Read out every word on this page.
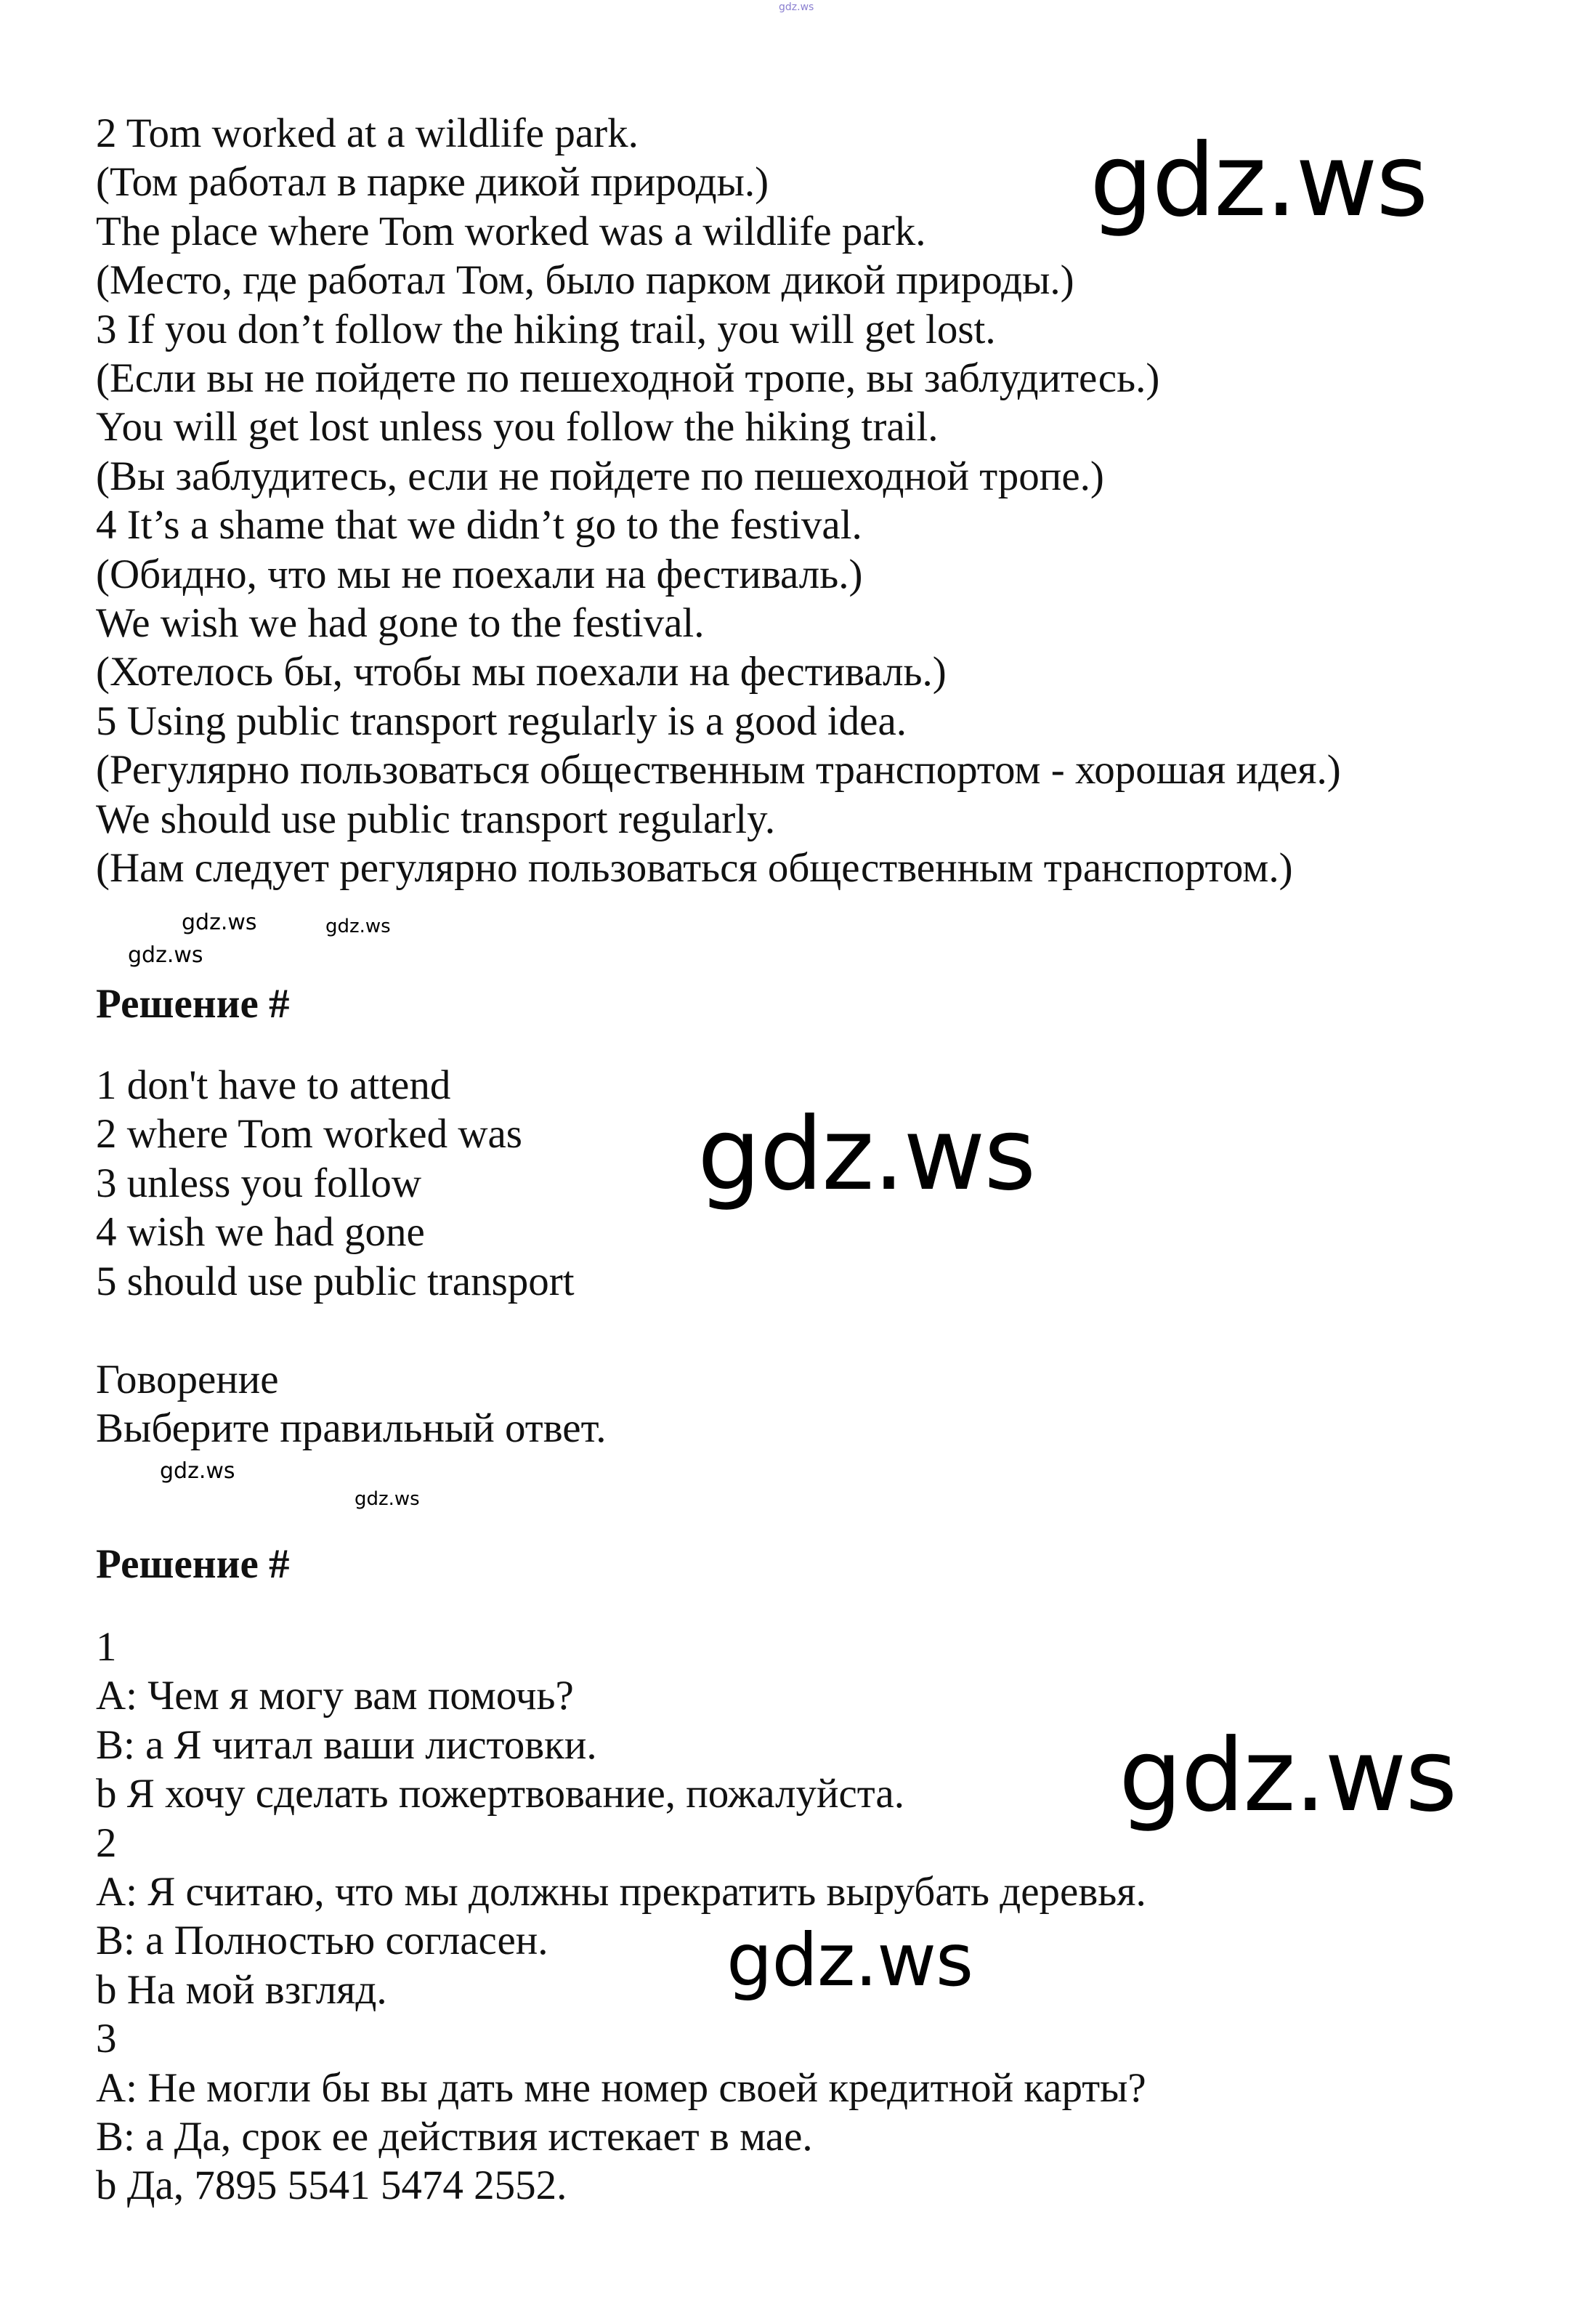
2 Tom worked at a wildlife park.
(Том работал в парке дикой природы.)
The place where Tom worked was a wildlife park.
(Место, где работал Том, было парком дикой природы.)
3 If you don’t follow the hiking trail, you will get lost.
(Если вы не пойдете по пешеходной тропе, вы заблудитесь.)
You will get lost unless you follow the hiking trail.
(Вы заблудитесь, если не пойдете по пешеходной тропе.)
4 It’s a shame that we didn’t go to the festival.
(Обидно, что мы не поехали на фестиваль.)
We wish we had gone to the festival.
(Хотелось бы, чтобы мы поехали на фестиваль.)
5 Using public transport regularly is a good idea.
(Регулярно пользоваться общественным транспортом - хорошая идея.)
We should use public transport regularly.
(Нам следует регулярно пользоваться общественным транспортом.)
Решение #
1 don't have to attend
2 where Tom worked was
3 unless you follow
4 wish we had gone
5 should use public transport
Говорение
Выберите правильный ответ.
Решение #
1
A: Чем я могу вам помочь?
B: a Я читал ваши листовки.
b Я хочу сделать пожертвование, пожалуйста.
2
A: Я считаю, что мы должны прекратить вырубать деревья.
B: a Полностью согласен.
b На мой взгляд.
3
A: Не могли бы вы дать мне номер своей кредитной карты?
B: a Да, срок ее действия истекает в мае.
b Да, 7895 5541 5474 2552.
gdz.ws
gdz.ws
gdz.ws
gdz.ws
gdz.ws
gdz.ws
gdz.ws
gdz.ws
gdz.ws
gdz.ws
